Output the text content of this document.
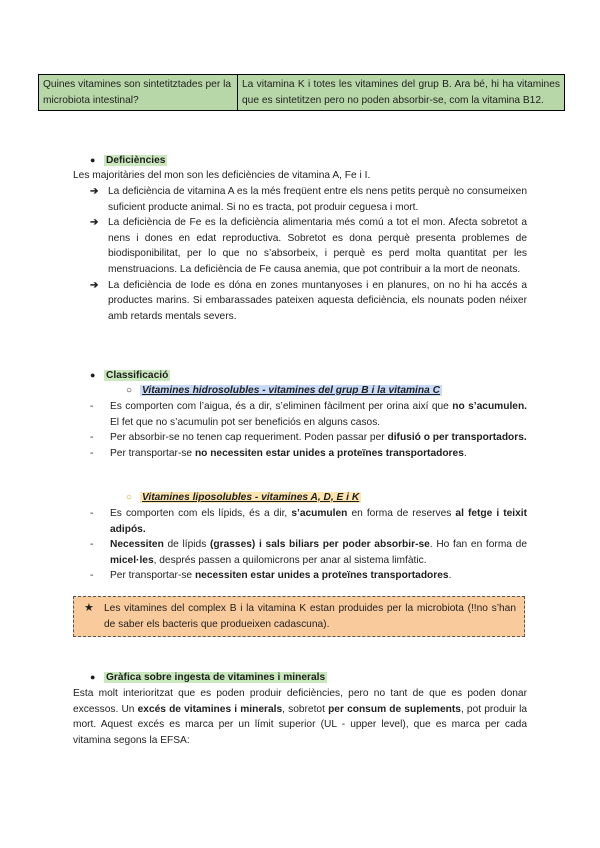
Quines vitamines son sintetitztades per la microbiota intestinal?	La vitamina K i totes les vitamines del grup B. Ara bé, hi ha vitamines que es sintetitzen pero no poden absorbir-se, com la vitamina B12.
● Deficiències
Les majoritàries del mon son les deficiències de vitamina A, Fe i I.
➔ La deficiència de vitamina A es la més freqüent entre els nens petits perquè no consumeixen suficient producte animal. Si no es tracta, pot produir ceguesa i mort.
➔ La deficiència de Fe es la deficiència alimentaria més comú a tot el mon. Afecta sobretot a nens i dones en edat reproductiva. Sobretot es dona perquè presenta problemes de biodisponibilitat, per lo que no s’absorbeix, i perquè es perd molta quantitat per les menstruacions. La deficiència de Fe causa anemia, que pot contribuir a la mort de neonats.
➔ La deficiència de Iode es dóna en zones muntanyoses i en planures, on no hi ha accés a productes marins. Si embarassades pateixen aquesta deficiència, els nounats poden néixer amb retards mentals severs.
● Classificació
○ Vitamines hidrosolubles - vitamines del grup B i la vitamina C
- Es comporten com l’aigua, és a dir, s’eliminen fàcilment per orina així que no s’acumulen. El fet que no s’acumulin pot ser beneficiós en alguns casos.
- Per absorbir-se no tenen cap requeriment. Poden passar per difusió o per transportadors.
- Per transportar-se no necessiten estar unides a proteïnes transportadores.
○ Vitamines liposolubles - vitamines A, D, E i K
- Es comporten com els lípids, és a dir, s’acumulen en forma de reserves al fetge i teixit adipós.
- Necessiten de lípids (grasses) i sals biliars per poder absorbir-se. Ho fan en forma de micel·les, després passen a quilomicrons per anar al sistema limfàtic.
- Per transportar-se necessiten estar unides a proteïnes transportadores.
★ Les vitamines del complex B i la vitamina K estan produides per la microbiota (!!no s’han de saber els bacteris que produeixen cadascuna).
● Gràfica sobre ingesta de vitamines i minerals
Esta molt interioritzat que es poden produir deficiències, pero no tant de que es poden donar excessos. Un excés de vitamines i minerals, sobretot per consum de suplements, pot produir la mort. Aquest excés es marca per un límit superior (UL - upper level), que es marca per cada vitamina segons la EFSA:
